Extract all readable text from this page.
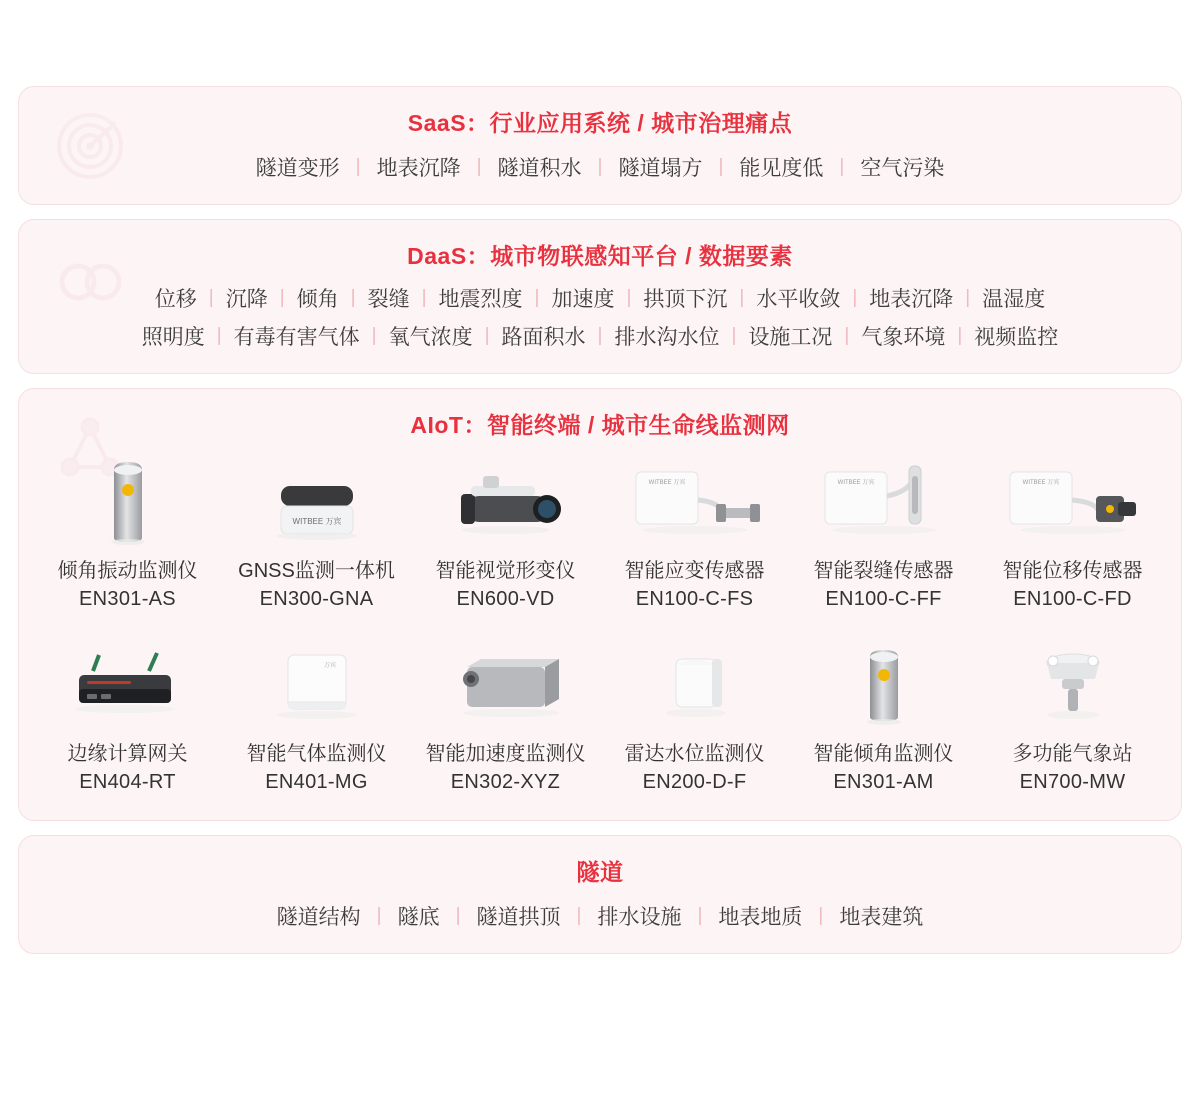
SaaS：行业应用系统 / 城市治理痛点
隧道变形 | 地表沉降 | 隧道积水 | 隧道塌方 | 能见度低 | 空气污染
DaaS：城市物联感知平台 / 数据要素
位移 | 沉降 | 倾角 | 裂缝 | 地震烈度 | 加速度 | 拱顶下沉 | 水平收敛 | 地表沉降 | 温湿度
照明度 | 有毒有害气体 | 氧气浓度 | 路面积水 | 排水沟水位 | 设施工况 | 气象环境 | 视频监控
AIoT：智能终端 / 城市生命线监测网
倾角振动监测仪
EN301-AS
WITBEE 万宾
GNSS监测一体机
EN300-GNA
智能视觉形变仪
EN600-VD
WITBEE 万宾
智能应变传感器
EN100-C-FS
WITBEE 万宾
智能裂缝传感器
EN100-C-FF
WITBEE 万宾
智能位移传感器
EN100-C-FD
边缘计算网关
EN404-RT
万宾
智能气体监测仪
EN401-MG
智能加速度监测仪
EN302-XYZ
雷达水位监测仪
EN200-D-F
智能倾角监测仪
EN301-AM
多功能气象站
EN700-MW
隧道
隧道结构 | 隧底 | 隧道拱顶 | 排水设施 | 地表地质 | 地表建筑
